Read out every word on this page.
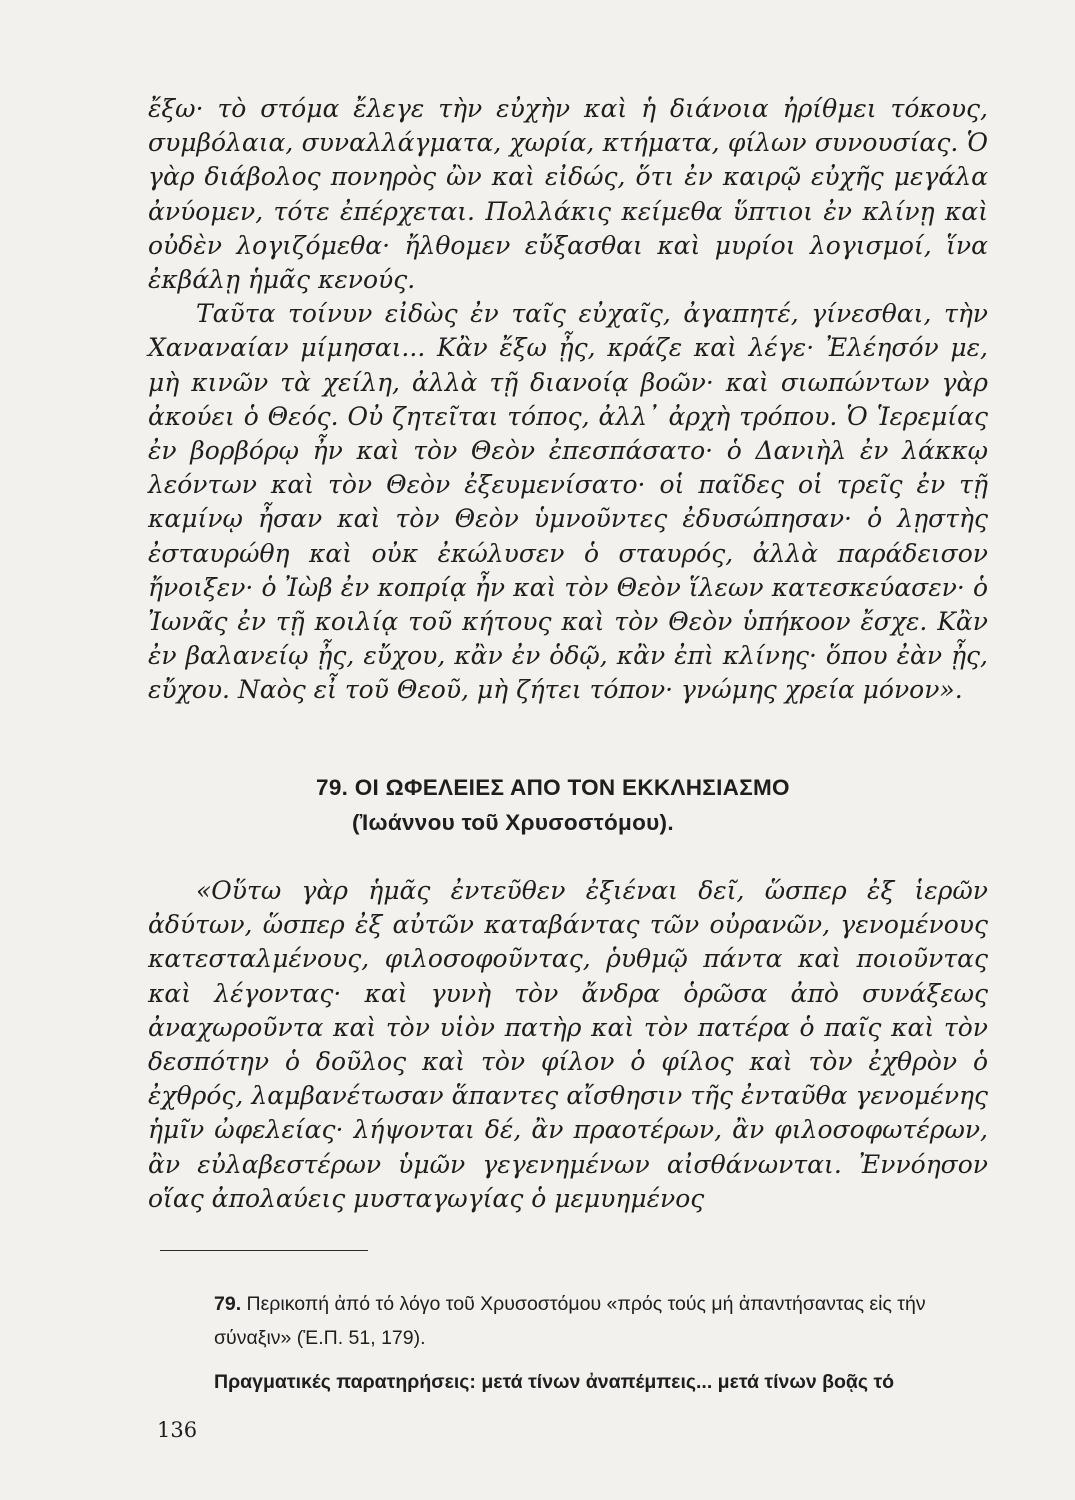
ἔξω· τὸ στόμα ἔλεγε τὴν εὐχὴν καὶ ἡ διάνοια ἠρίθμει τόκους, συμβόλαια, συναλλάγματα, χωρία, κτήματα, φίλων συνουσίας. Ὁ γὰρ διάβολος πονηρὸς ὢν καὶ εἰδώς, ὅτι ἐν καιρῷ εὐχῆς μεγάλα ἀνύομεν, τότε ἐπέρχεται. Πολλάκις κείμεθα ὕπτιοι ἐν κλίνῃ καὶ οὐδὲν λογιζόμεθα· ἤλθομεν εὔξασθαι καὶ μυρίοι λογισμοί, ἵνα ἐκβάλῃ ἡμᾶς κενούς.

Ταῦτα τοίνυν εἰδὼς ἐν ταῖς εὐχαῖς, ἀγαπητέ, γίνεσθαι, τὴν Χαναναίαν μίμησαι... Κἂν ἔξω ᾖς, κράζε καὶ λέγε· Ἐλέησόν με, μὴ κινῶν τὰ χείλη, ἀλλὰ τῇ διανοίᾳ βοῶν· καὶ σιωπώντων γὰρ ἀκούει ὁ Θεός. Οὐ ζητεῖται τόπος, ἀλλ᾽ ἀρχὴ τρόπου. Ὁ Ἱερεμίας ἐν βορβόρῳ ἦν καὶ τὸν Θεὸν ἐπεσπάσατο· ὁ Δανιὴλ ἐν λάκκῳ λεόντων καὶ τὸν Θεὸν ἐξευμενίσατο· οἱ παῖδες οἱ τρεῖς ἐν τῇ καμίνῳ ἦσαν καὶ τὸν Θεὸν ὑμνοῦντες ἐδυσώπησαν· ὁ λῃστὴς ἐσταυρώθη καὶ οὐκ ἐκώλυσεν ὁ σταυρός, ἀλλὰ παράδεισον ἤνοιξεν· ὁ Ἰὼβ ἐν κοπρίᾳ ἦν καὶ τὸν Θεὸν ἵλεων κατεσκεύασεν· ὁ Ἰωνᾶς ἐν τῇ κοιλίᾳ τοῦ κήτους καὶ τὸν Θεὸν ὑπήκοον ἔσχε. Κἂν ἐν βαλανείῳ ᾖς, εὔχου, κἂν ἐν ὁδῷ, κἂν ἐπὶ κλίνης· ὅπου ἐὰν ᾖς, εὔχου. Ναὸς εἶ τοῦ Θεοῦ, μὴ ζήτει τόπον· γνώμης χρεία μόνον».

79. ΟΙ ΩΦΕΛΕΙΕΣ ΑΠΟ ΤΟΝ ΕΚΚΛΗΣΙΑΣΜΟ
(Ἰωάννου τοῦ Χρυσοστόμου).

«Οὕτω γὰρ ἡμᾶς ἐντεῦθεν ἐξιέναι δεῖ, ὥσπερ ἐξ ἱερῶν ἀδύτων, ὥσπερ ἐξ αὐτῶν καταβάντας τῶν οὐρανῶν, γενομένους κατεσταλμένους, φιλοσοφοῦντας, ῥυθμῷ πάντα καὶ ποιοῦντας καὶ λέγοντας· καὶ γυνὴ τὸν ἄνδρα ὁρῶσα ἀπὸ συνάξεως ἀναχωροῦντα καὶ τὸν υἱὸν πατὴρ καὶ τὸν πατέρα ὁ παῖς καὶ τὸν δεσπότην ὁ δοῦλος καὶ τὸν φίλον ὁ φίλος καὶ τὸν ἐχθρὸν ὁ ἐχθρός, λαμβανέτωσαν ἅπαντες αἴσθησιν τῆς ἐνταῦθα γενομένης ἡμῖν ὠφελείας· λήψονται δέ, ἂν πραοτέρων, ἂν φιλοσοφωτέρων, ἂν εὐλαβεστέρων ὑμῶν γεγενημένων αἰσθάνωνται. Ἐννόησον οἵας ἀπολαύεις μυσταγωγίας ὁ μεμυημένος

79. Περικοπή ἀπό τό λόγο τοῦ Χρυσοστόμου «πρός τούς μή ἀπαντήσαντας εἰς τήν σύναξιν» (Ἑ.Π. 51, 179).

Πραγματικές παρατηρήσεις: μετά τίνων ἀναπέμπεις... μετά τίνων βοᾷς τό

136
